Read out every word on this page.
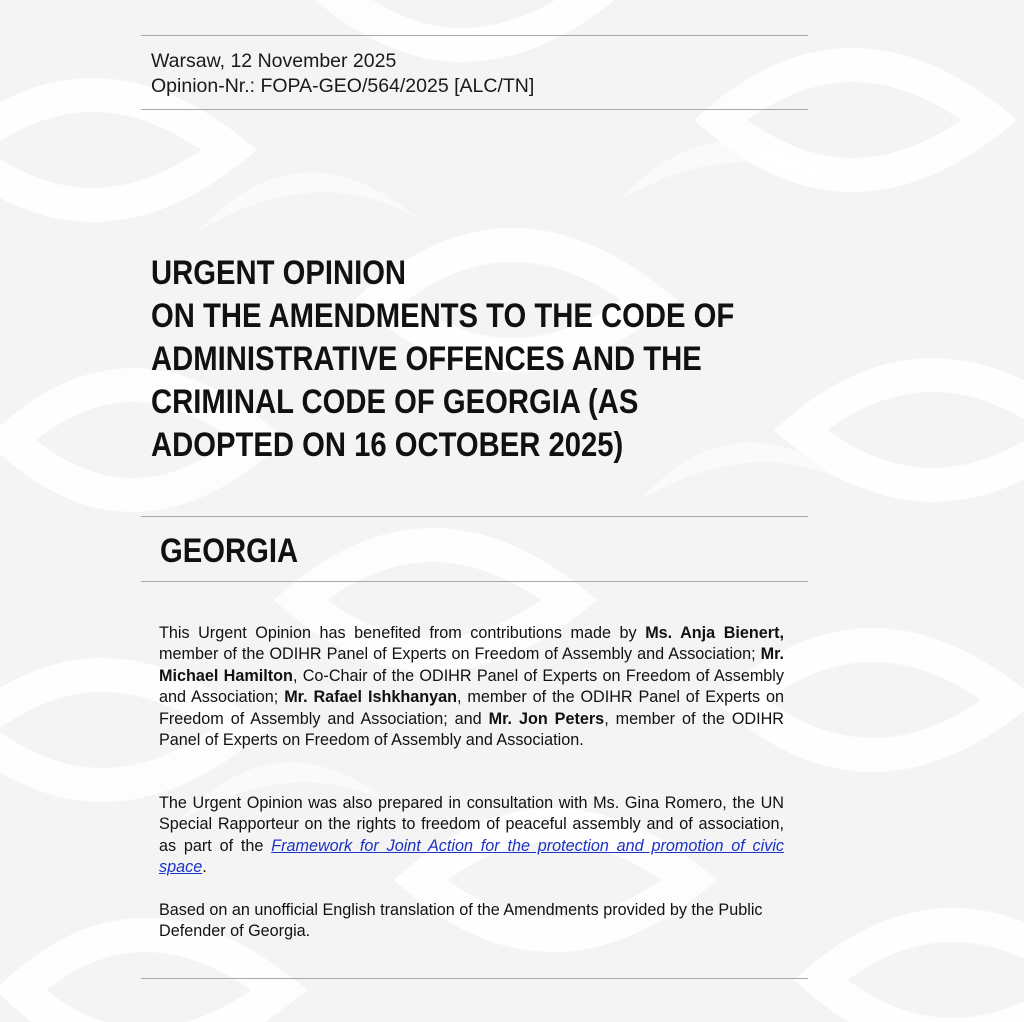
Warsaw, 12 November 2025
Opinion-Nr.: FOPA-GEO/564/2025 [ALC/TN]
URGENT OPINION
ON THE AMENDMENTS TO THE CODE OF
ADMINISTRATIVE OFFENCES AND THE
CRIMINAL CODE OF GEORGIA (AS
ADOPTED ON 16 OCTOBER 2025)
GEORGIA

This Urgent Opinion has benefited from contributions made by Ms. Anja Bienert, member of the ODIHR Panel of Experts on Freedom of Assembly and Association; Mr. Michael Hamilton, Co-Chair of the ODIHR Panel of Experts on Freedom of Assembly and Association; Mr. Rafael Ishkhanyan, member of the ODIHR Panel of Experts on Freedom of Assembly and Association; and Mr. Jon Peters, member of the ODIHR Panel of Experts on Freedom of Assembly and Association.

The Urgent Opinion was also prepared in consultation with Ms. Gina Romero, the UN Special Rapporteur on the rights to freedom of peaceful assembly and of association, as part of the Framework for Joint Action for the protection and promotion of civic space.

Based on an unofficial English translation of the Amendments provided by the Public Defender of Georgia.
